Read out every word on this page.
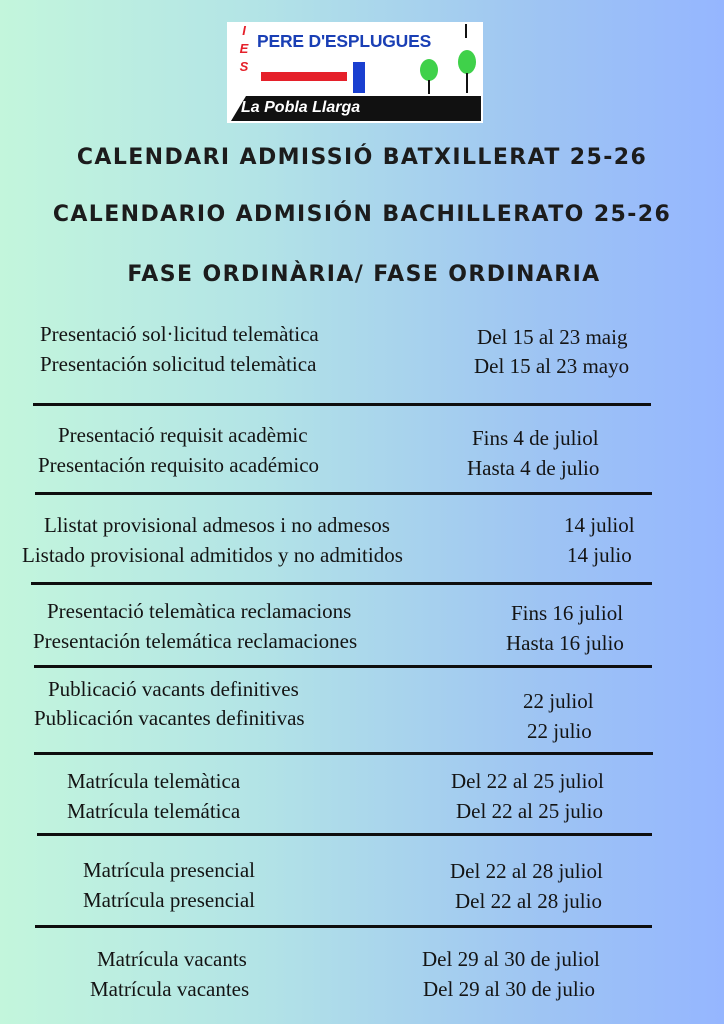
I E S
PERE D'ESPLUGUES
La Pobla Llarga
CALENDARI ADMISSIÓ BATXILLERAT 25-26
CALENDARIO ADMISIÓN BACHILLERATO 25-26
FASE ORDINÀRIA/ FASE ORDINARIA
Presentació sol·licitud telemàtica
Presentación solicitud telemàtica
Del 15 al 23 maig
Del 15 al 23 mayo
Presentació requisit acadèmic
Presentación requisito académico
Fins 4 de juliol
Hasta 4 de julio
Llistat provisional admesos i no admesos
Listado provisional admitidos y no admitidos
14 juliol
14 julio
Presentació telemàtica reclamacions
Presentación telemática reclamaciones
Fins 16 juliol
Hasta 16 julio
Publicació vacants definitives
Publicación vacantes definitivas
22 juliol
22 julio
Matrícula telemàtica
Matrícula telemática
Del 22 al 25 juliol
Del 22 al 25 julio
Matrícula presencial
Matrícula presencial
Del 22 al 28 juliol
Del 22 al 28 julio
Matrícula vacants
Matrícula vacantes
Del 29 al 30 de juliol
Del 29 al 30 de julio
